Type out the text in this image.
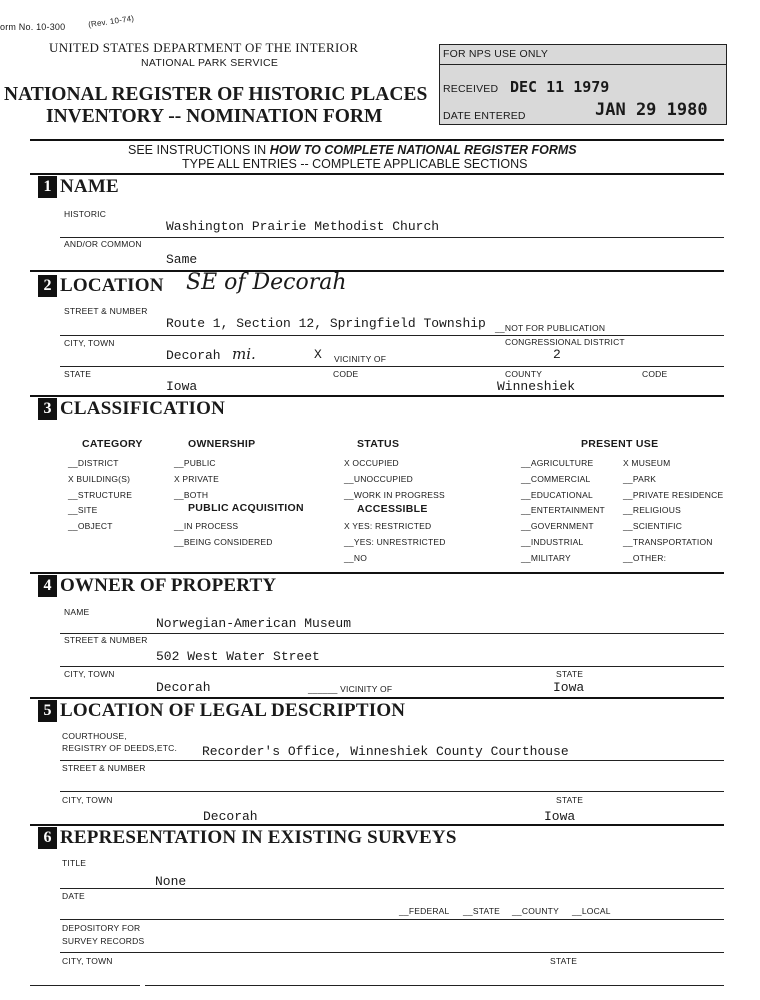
orm No. 10-300	(Rev. 10-74)
UNITED STATES DEPARTMENT OF THE INTERIOR
NATIONAL PARK SERVICE
NATIONAL REGISTER OF HISTORIC PLACES
INVENTORY -- NOMINATION FORM
FOR NPS USE ONLY
RECEIVED DEC 11 1979
DATE ENTERED	JAN 29 1980
SEE INSTRUCTIONS IN HOW TO COMPLETE NATIONAL REGISTER FORMS
TYPE ALL ENTRIES -- COMPLETE APPLICABLE SECTIONS
1 NAME
HISTORIC
Washington Prairie Methodist Church
AND/OR COMMON
Same
2 LOCATION SE of Decorah
STREET & NUMBER
Route 1, Section 12, Springfield Township __NOT FOR PUBLICATION
CITY, TOWN	CONGRESSIONAL DISTRICT
Decorah mi.	X VICINITY OF	2
STATE	CODE	COUNTY	CODE
Iowa	Winneshiek
3 CLASSIFICATION
CATEGORY	OWNERSHIP	STATUS	PRESENT USE
__DISTRICT
X BUILDING(S)
__STRUCTURE
__SITE
__OBJECT
__PUBLIC
X PRIVATE
__BOTH
PUBLIC ACQUISITION
__IN PROCESS
__BEING CONSIDERED
X OCCUPIED
__UNOCCUPIED
__WORK IN PROGRESS
ACCESSIBLE
X YES: RESTRICTED
__YES: UNRESTRICTED
__NO
__AGRICULTURE
__COMMERCIAL
__EDUCATIONAL
__ENTERTAINMENT
__GOVERNMENT
__INDUSTRIAL
__MILITARY
X MUSEUM
__PARK
__PRIVATE RESIDENCE
__RELIGIOUS
__SCIENTIFIC
__TRANSPORTATION
__OTHER:
4 OWNER OF PROPERTY
NAME
Norwegian-American Museum
STREET & NUMBER
502 West Water Street
CITY, TOWN	STATE
Decorah	______ VICINITY OF	Iowa
5 LOCATION OF LEGAL DESCRIPTION
COURTHOUSE,
REGISTRY OF DEEDS,ETC. Recorder's Office, Winneshiek County Courthouse
STREET & NUMBER
CITY, TOWN	STATE
Decorah	Iowa
6 REPRESENTATION IN EXISTING SURVEYS
TITLE
None
DATE
__FEDERAL __STATE __COUNTY __LOCAL
DEPOSITORY FOR
SURVEY RECORDS
CITY, TOWN	STATE
